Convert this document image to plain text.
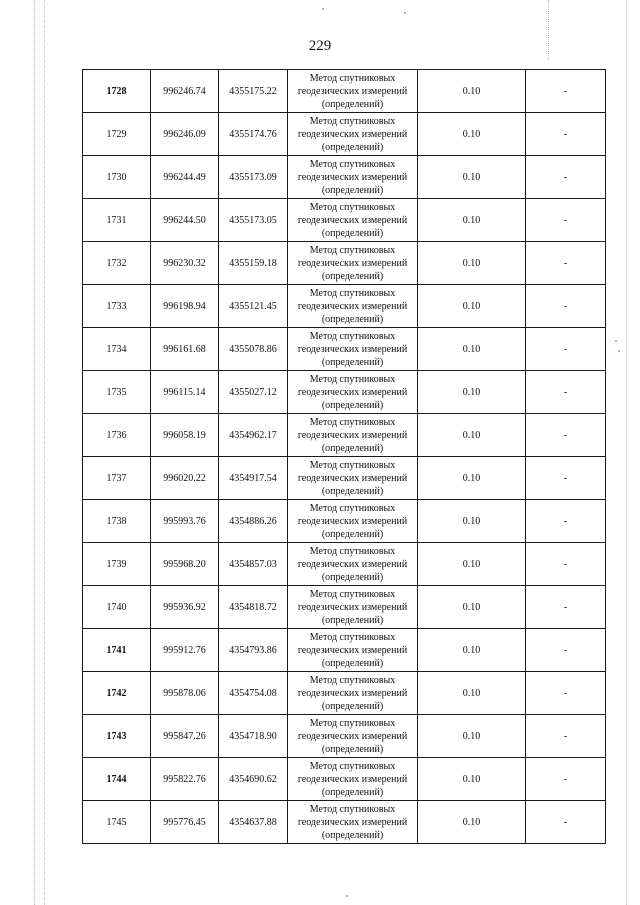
229
1728	996246.74	4355175.22	Метод спутниковых
геодезических измерений
(определений)	0.10	-
1729	996246.09	4355174.76	Метод спутниковых
геодезических измерений
(определений)	0.10	-
1730	996244.49	4355173.09	Метод спутниковых
геодезических измерений
(определений)	0.10	-
1731	996244.50	4355173.05	Метод спутниковых
геодезических измерений
(определений)	0.10	-
1732	996230.32	4355159.18	Метод спутниковых
геодезических измерений
(определений)	0.10	-
1733	996198.94	4355121.45	Метод спутниковых
геодезических измерений
(определений)	0.10	-
1734	996161.68	4355078.86	Метод спутниковых
геодезических измерений
(определений)	0.10	-
1735	996115.14	4355027.12	Метод спутниковых
геодезических измерений
(определений)	0.10	-
1736	996058.19	4354962.17	Метод спутниковых
геодезических измерений
(определений)	0.10	-
1737	996020.22	4354917.54	Метод спутниковых
геодезических измерений
(определений)	0.10	-
1738	995993.76	4354886.26	Метод спутниковых
геодезических измерений
(определений)	0.10	-
1739	995968.20	4354857.03	Метод спутниковых
геодезических измерений
(определений)	0.10	-
1740	995936.92	4354818.72	Метод спутниковых
геодезических измерений
(определений)	0.10	-
1741	995912.76	4354793.86	Метод спутниковых
геодезических измерений
(определений)	0.10	-
1742	995878.06	4354754.08	Метод спутниковых
геодезических измерений
(определений)	0.10	-
1743	995847.26	4354718.90	Метод спутниковых
геодезических измерений
(определений)	0.10	-
1744	995822.76	4354690.62	Метод спутниковых
геодезических измерений
(определений)	0.10	-
1745	995776.45	4354637.88	Метод спутниковых
геодезических измерений
(определений)	0.10	-
